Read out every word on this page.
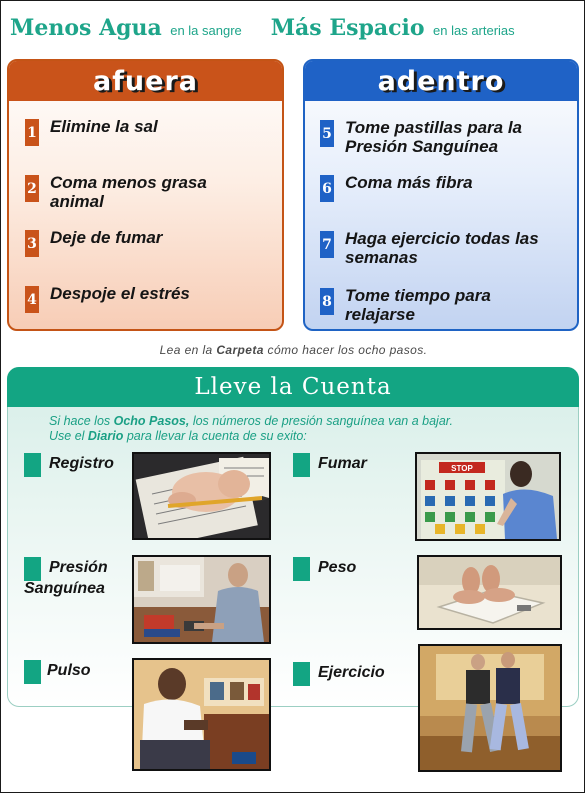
Menos Agua en la sangre Más Espacio en las arterias
afuera
1 Elimine la sal
2 Coma menos grasa animal
3 Deje de fumar
4 Despoje el estrés
adentro
5 Tome pastillas para la Presión Sanguínea
6 Coma más fibra
7 Haga ejercicio todas las semanas
8 Tome tiempo para relajarse
Lea en la Carpeta cómo hacer los ocho pasos.
Lleve la Cuenta
Si hace los Ocho Pasos, los números de presión sanguínea van a bajar.
Use el Diario para llevar la cuenta de su exito:
Registro
Presión
Sanguínea
Pulso
Fumar
Peso
Ejercicio
STOP
